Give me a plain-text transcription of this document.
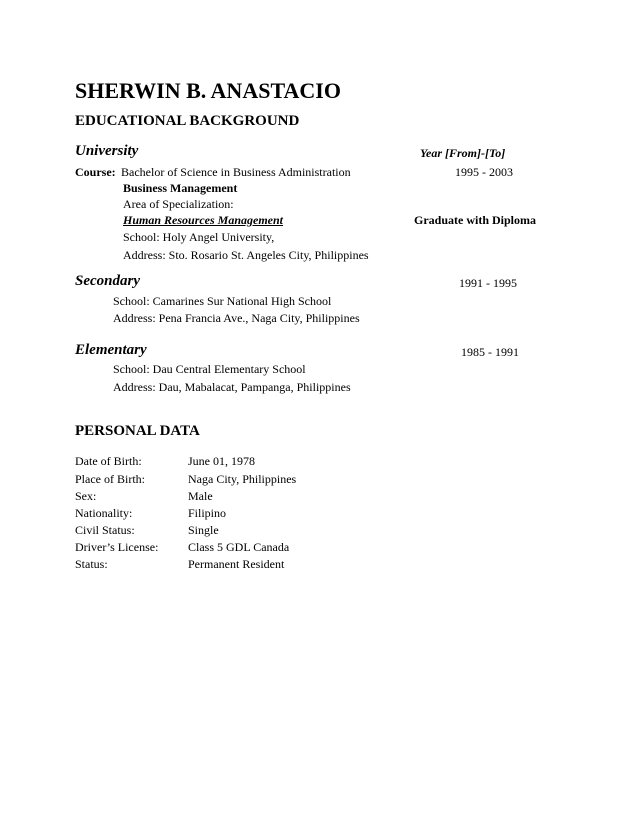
SHERWIN B. ANASTACIO
EDUCATIONAL BACKGROUND
University	Year [From]-[To]
Course: Bachelor of Science in Business Administration	1995 - 2003
Business Management
Area of Specialization:
Human Resources Management	Graduate with Diploma
School: Holy Angel University,
Address: Sto. Rosario St. Angeles City, Philippines
Secondary	1991 - 1995
School: Camarines Sur National High School
Address: Pena Francia Ave., Naga City, Philippines
Elementary	1985 - 1991
School: Dau Central Elementary School
Address: Dau, Mabalacat, Pampanga, Philippines
PERSONAL DATA
Date of Birth:	June 01, 1978
Place of Birth:	Naga City, Philippines
Sex:	Male
Nationality:	Filipino
Civil Status:	Single
Driver’s License: Class 5 GDL Canada
Status:	Permanent Resident
